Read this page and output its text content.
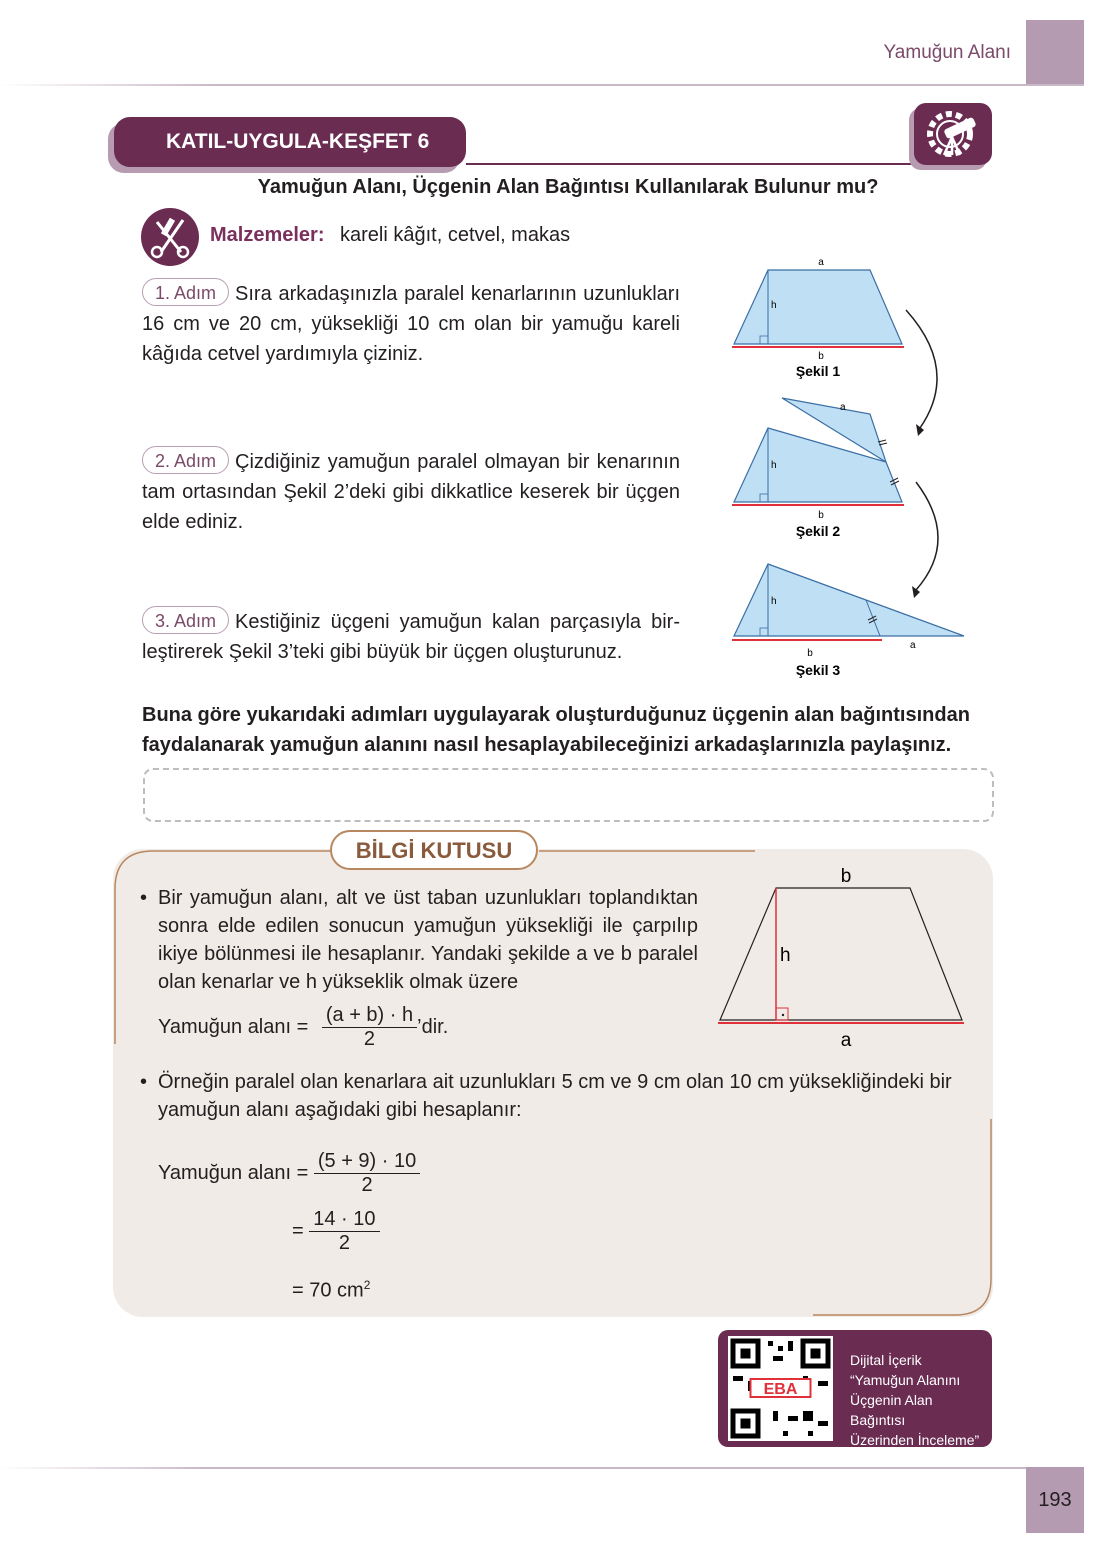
Yamuğun Alanı
KATIL-UYGULA-KEŞFET 6
Yamuğun Alanı, Üçgenin Alan Bağıntısı Kullanılarak Bulunur mu?
Malzemeler: kareli kâğıt, cetvel, makas
1. Adım Sıra arkadaşınızla paralel kenarlarının uzunlukları 16 cm ve 20 cm, yüksekliği 10 cm olan bir yamuğu kareli kâğıda cetvel yardımıyla çiziniz.
2. Adım Çizdiğiniz yamuğun paralel olmayan bir kenarının tam ortasından Şekil 2’deki gibi dikkatlice keserek bir üçgen elde ediniz.
3. Adım Kestiğiniz üçgeni yamuğun kalan parçasıyla birleştirerek Şekil 3’teki gibi büyük bir üçgen oluşturunuz.
a
h
b
Şekil 1
a
h
b
Şekil 2
h
b
a
Şekil 3
Buna göre yukarıdaki adımları uygulayarak oluşturduğunuz üçgenin alan bağıntısından faydalanarak yamuğun alanını nasıl hesaplayabileceğinizi arkadaşlarınızla paylaşınız.
BİLGİ KUTUSU
• Bir yamuğun alanı, alt ve üst taban uzunlukları toplandıktan sonra elde edilen sonucun yamuğun yüksekliği ile çarpılıp ikiye bölünmesi ile hesaplanır. Yandaki şekilde a ve b paralel olan kenarlar ve h yükseklik olmak üzere
Yamuğun alanı = $\frac{(a + b) \cdot h}{2}$ ’dir.
b
h
a
• Örneğin paralel olan kenarlara ait uzunlukları 5 cm ve 9 cm olan 10 cm yüksekliğindeki bir yamuğun alanı aşağıdaki gibi hesaplanır:
Yamuğun alanı = $\frac{(5 + 9) \cdot 10}{2}$
= $\frac{14 \cdot 10}{2}$
= 70 $cm^2$
EBA
Dijital İçerik
“Yamuğun Alanını
Üçgenin Alan Bağıntısı
Üzerinden İnceleme”
193
